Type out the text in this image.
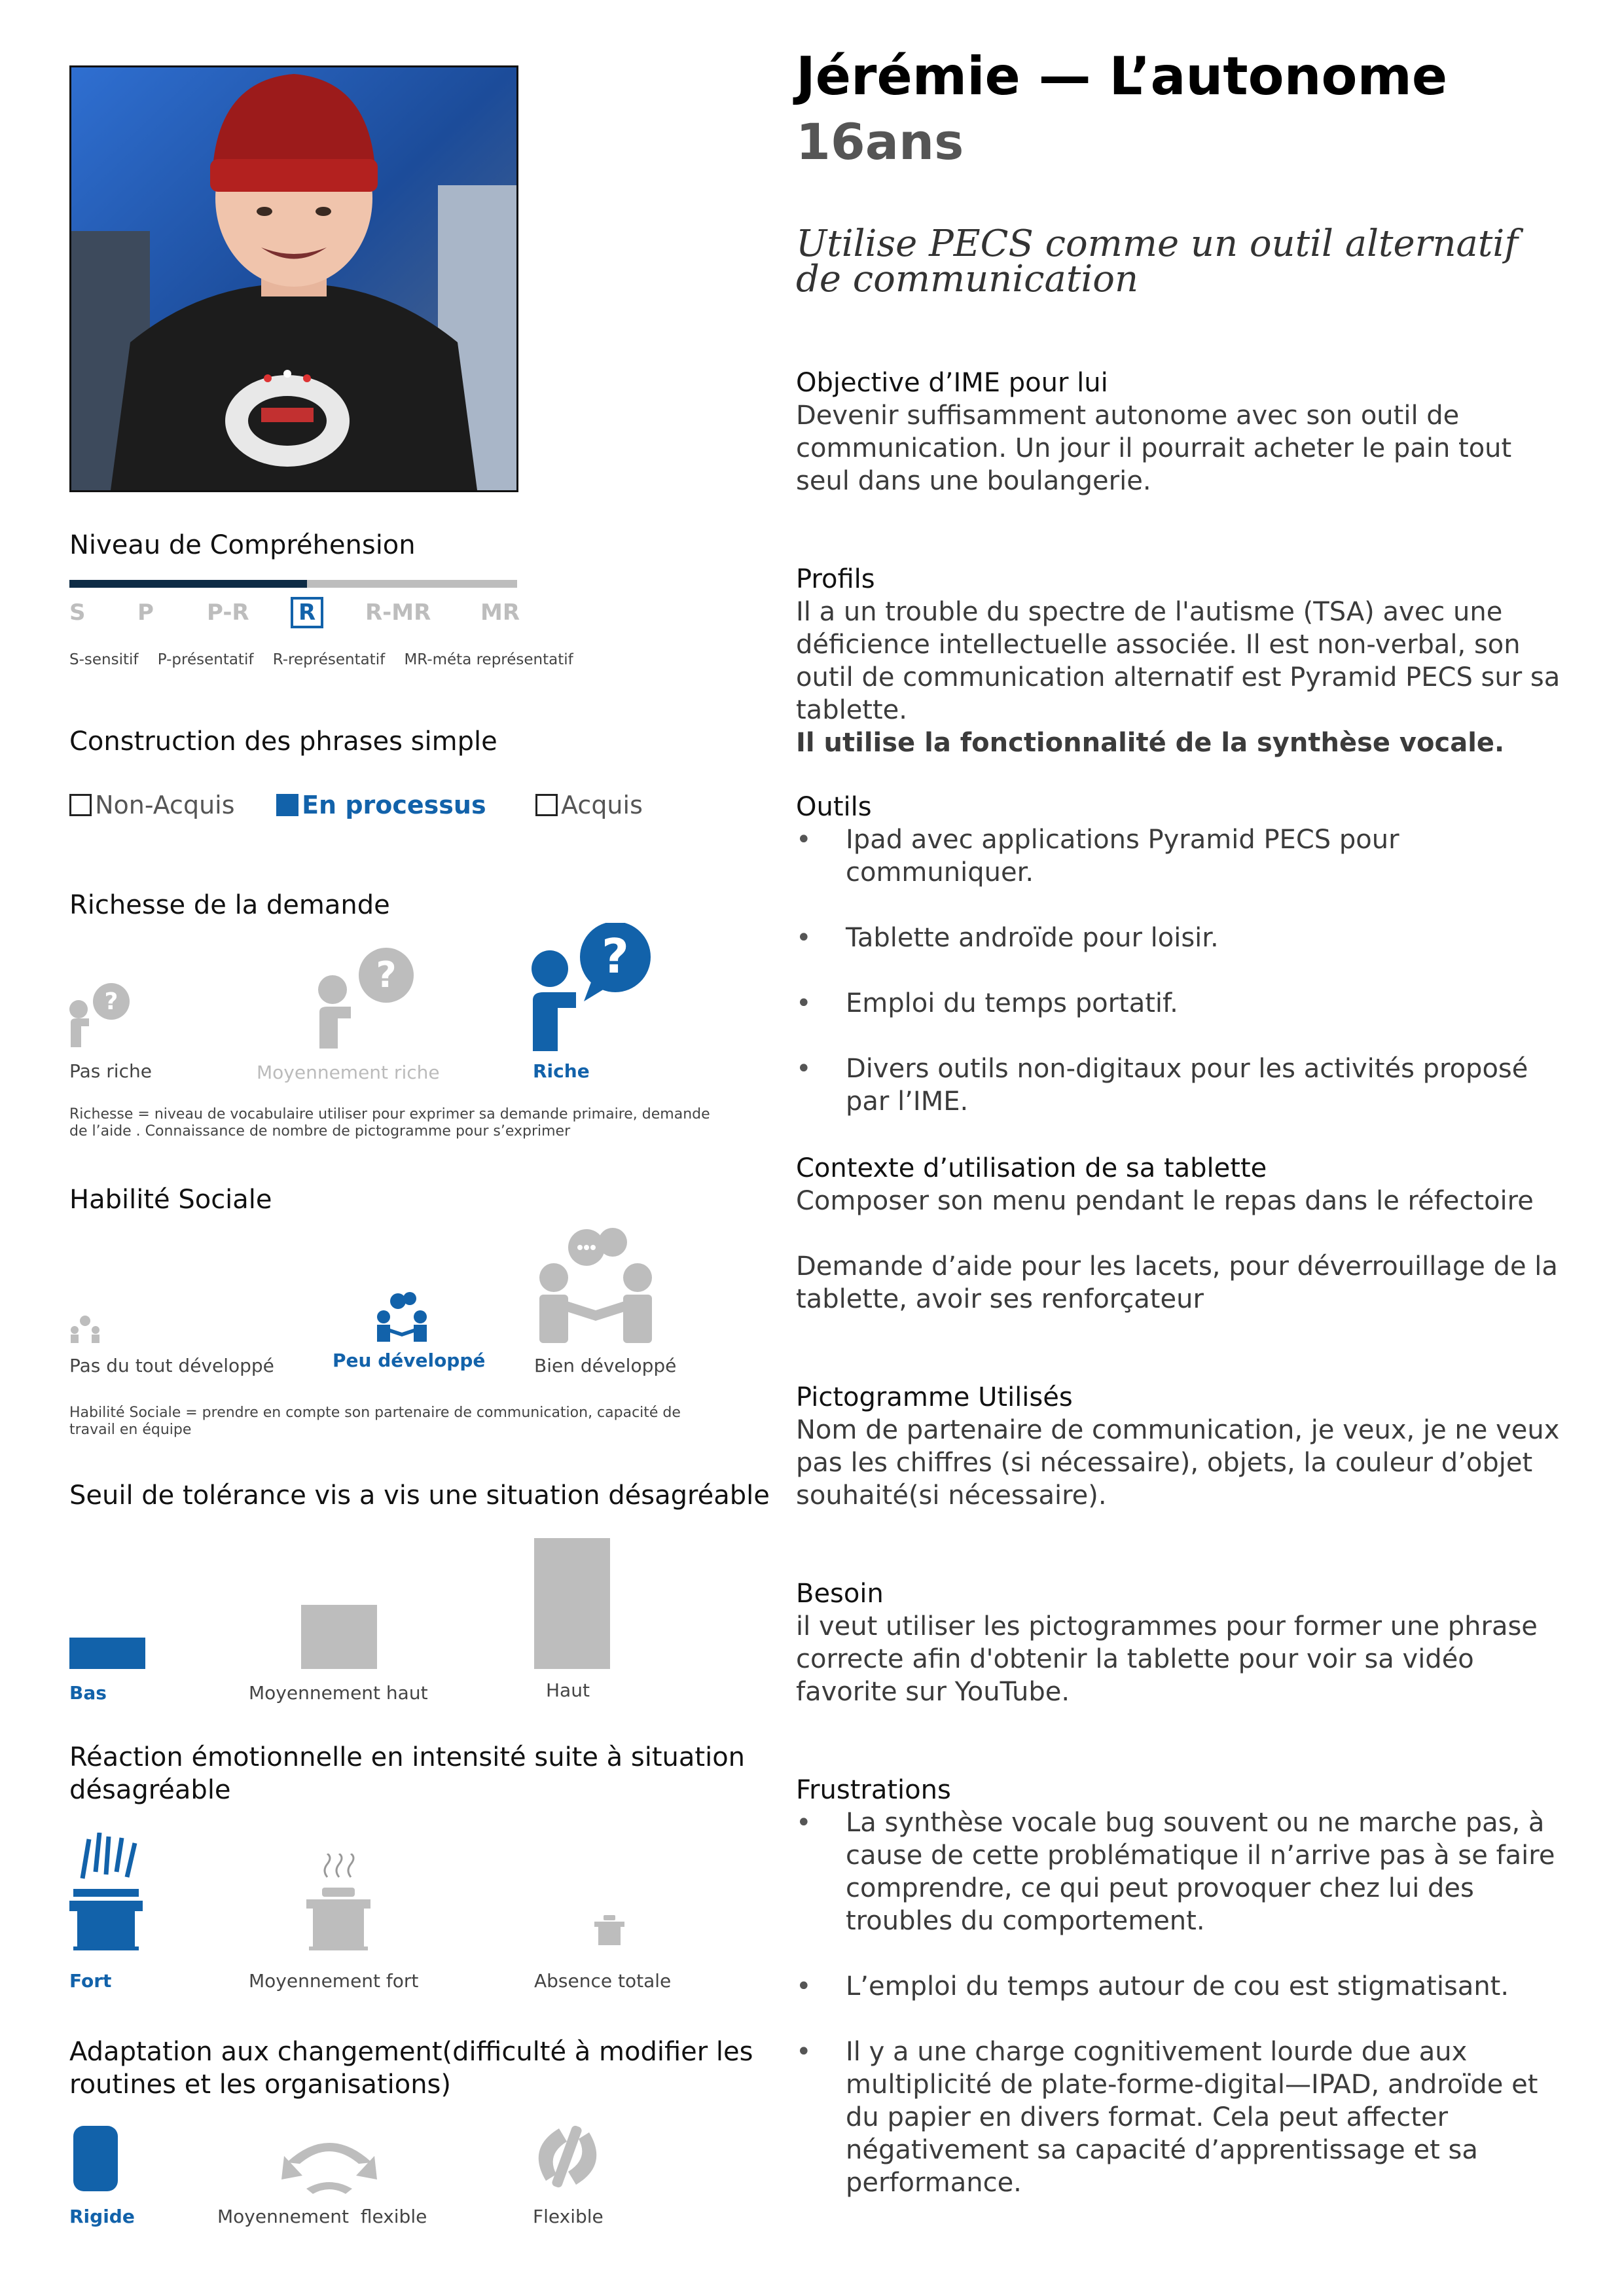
Jérémie — L’autonome
16ans
Utilise PECS comme un outil alternatif de communication
Niveau de Compréhension
S P P-R	R	R-MR MR
S-sensitif P-présentatif R-représentatif MR-méta représentatif
Construction des phrases simple
Non-Acquis	En processus	Acquis
Richesse de la demande
?
?	?
Pas riche	Moyennement riche	Riche
Richesse = niveau de vocabulaire utiliser pour exprimer sa demande primaire, demande de l’aide . Connaissance de nombre de pictogramme pour s’exprimer
Habilité Sociale
Pas du tout développé	Peu développé	Bien développé
Habilité Sociale = prendre en compte son partenaire de communication, capacité de travail en équipe
Seuil de tolérance vis a vis une situation désagréable
Bas	Moyennement haut	Haut
Réaction émotionnelle en intensité suite à situation désagréable
Fort	Moyennement fort	Absence totale
Adaptation aux changement(difficulté à modifier les routines et les organisations)
Rigide	Moyennement  flexible	Flexible
Objective d’IME pour lui
Devenir suffisamment autonome avec son outil de communication. Un jour il pourrait acheter le pain tout seul dans une boulangerie.
Profils
Il a un trouble du spectre de l'autisme (TSA) avec une déficience intellectuelle associée. Il est non-verbal, son outil de communication alternatif est Pyramid PECS sur sa tablette.
Il utilise la fonctionnalité de la synthèse vocale.
Outils
• Ipad avec applications Pyramid PECS pour communiquer.
• Tablette androïde pour loisir.
• Emploi du temps portatif.
• Divers outils non-digitaux pour les activités proposé par l’IME.
Contexte d’utilisation de sa tablette
Composer son menu pendant le repas dans le réfectoire
Demande d’aide pour les lacets, pour déverrouillage de la tablette, avoir ses renforçateur
Pictogramme Utilisés
Nom de partenaire de communication, je veux, je ne veux pas les chiffres (si nécessaire), objets, la couleur d’objet souhaité(si nécessaire).
Besoin
il veut utiliser les pictogrammes pour former une phrase correcte afin d'obtenir la tablette pour voir sa vidéo favorite sur YouTube.
Frustrations
• La synthèse vocale bug souvent ou ne marche pas, à cause de cette problématique il n’arrive pas à se faire comprendre, ce qui peut provoquer chez lui des troubles du comportement.
• L’emploi du temps autour de cou est stigmatisant.
• Il y a une charge cognitivement lourde due aux multiplicité de plate-forme-digital—IPAD, androïde et du papier en divers format. Cela peut affecter négativement sa capacité d’apprentissage et sa performance.
